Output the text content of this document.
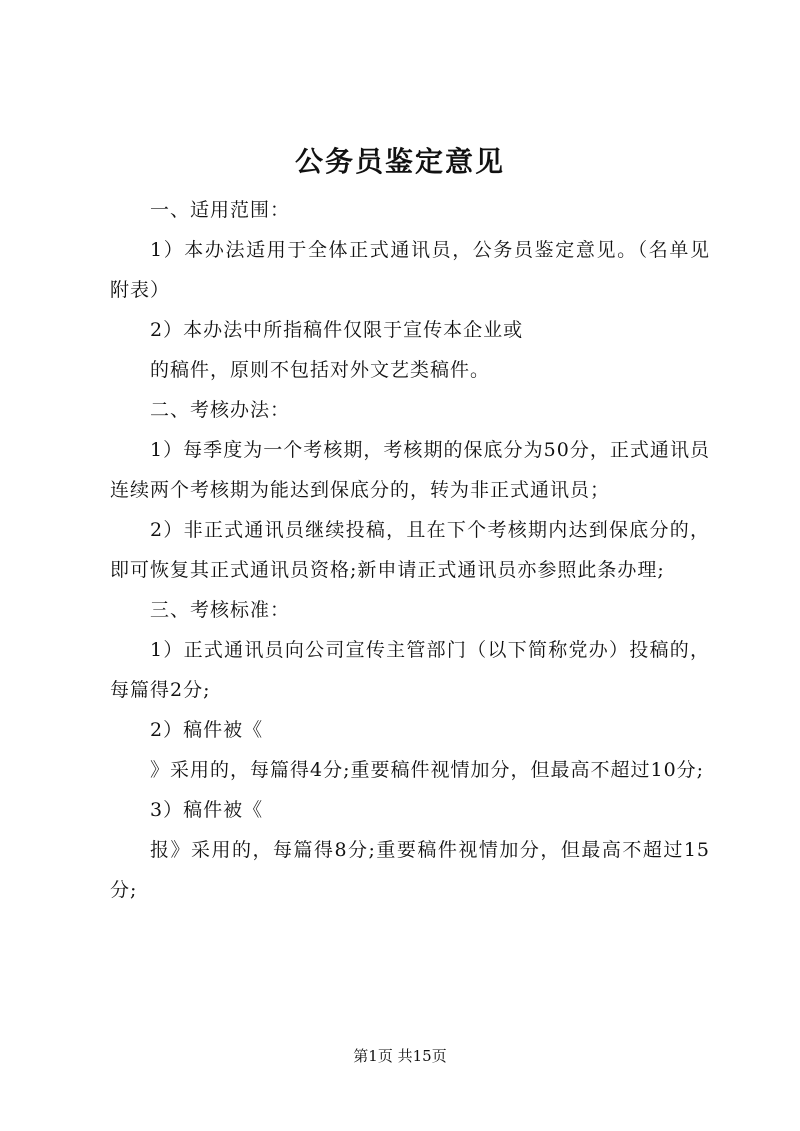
公务员鉴定意见

一、适用范围：

1）本办法适用于全体正式通讯员，公务员鉴定意见。（名单见附表）

2）本办法中所指稿件仅限于宣传本企业或

的稿件，原则不包括对外文艺类稿件。

二、考核办法：

1）每季度为一个考核期，考核期的保底分为50分，正式通讯员连续两个考核期为能达到保底分的，转为非正式通讯员；

2）非正式通讯员继续投稿，且在下个考核期内达到保底分的，即可恢复其正式通讯员资格;新申请正式通讯员亦参照此条办理;

三、考核标准：

1）正式通讯员向公司宣传主管部门（以下简称党办）投稿的，每篇得2分;

2）稿件被《

》采用的，每篇得4分;重要稿件视情加分，但最高不超过10分;

3）稿件被《

报》采用的，每篇得8分;重要稿件视情加分，但最高不超过15分;

第1页 共15页
